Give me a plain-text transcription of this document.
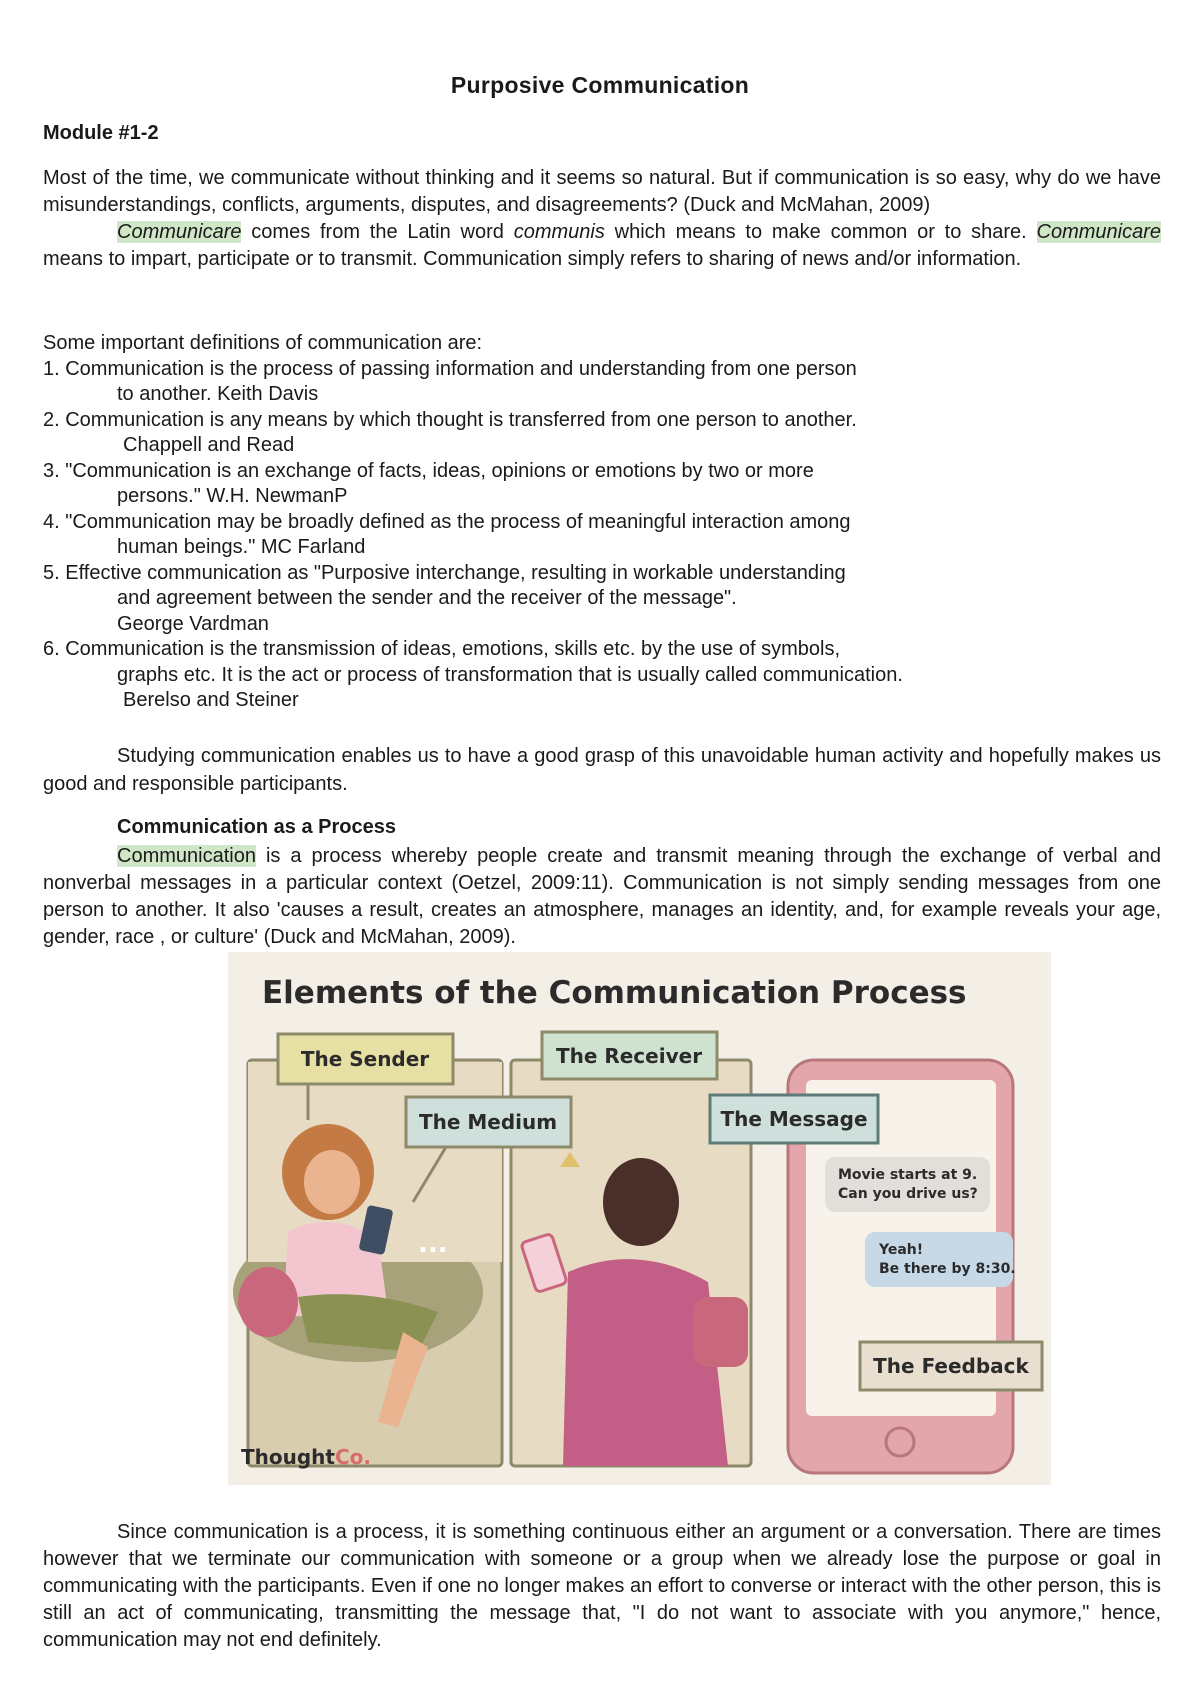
Purposive Communication

Module #1-2

Most of the time, we communicate without thinking and it seems so natural. But if communication is so easy, why do we have misunderstandings, conflicts, arguments, disputes, and disagreements? (Duck and McMahan, 2009)

Communicare comes from the Latin word communis which means to make common or to share. Communicare means to impart, participate or to transmit. Communication simply refers to sharing of news and/or information.

Some important definitions of communication are:
1. Communication is the process of passing information and understanding from one person
to another. Keith Davis
2. Communication is any means by which thought is transferred from one person to another.
Chappell and Read
3. "Communication is an exchange of facts, ideas, opinions or emotions by two or more
persons." W.H. NewmanP
4. "Communication may be broadly defined as the process of meaningful interaction among
human beings." MC Farland
5. Effective communication as "Purposive interchange, resulting in workable understanding
and agreement between the sender and the receiver of the message".
George Vardman
6. Communication is the transmission of ideas, emotions, skills etc. by the use of symbols,
graphs etc. It is the act or process of transformation that is usually called communication.
Berelso and Steiner

Studying communication enables us to have a good grasp of this unavoidable human activity and hopefully makes us good and responsible participants.

Communication as a Process

Communication is a process whereby people create and transmit meaning through the exchange of verbal and nonverbal messages in a particular context (Oetzel, 2009:11). Communication is not simply sending messages from one person to another. It also 'causes a result, creates an atmosphere, manages an identity, and, for example reveals your age, gender, race , or culture' (Duck and McMahan, 2009).

Elements of the Communication Process
...
The Sender	The Receiver
The Medium	The Message
Movie starts at 9.
Can you drive us?
Yeah!
Be there by 8:30.
The Feedback
ThoughtCo.

Since communication is a process, it is something continuous either an argument or a conversation. There are times however that we terminate our communication with someone or a group when we already lose the purpose or goal in communicating with the participants. Even if one no longer makes an effort to converse or interact with the other person, this is still an act of communicating, transmitting the message that, "I do not want to associate with you anymore," hence, communication may not end definitely.
